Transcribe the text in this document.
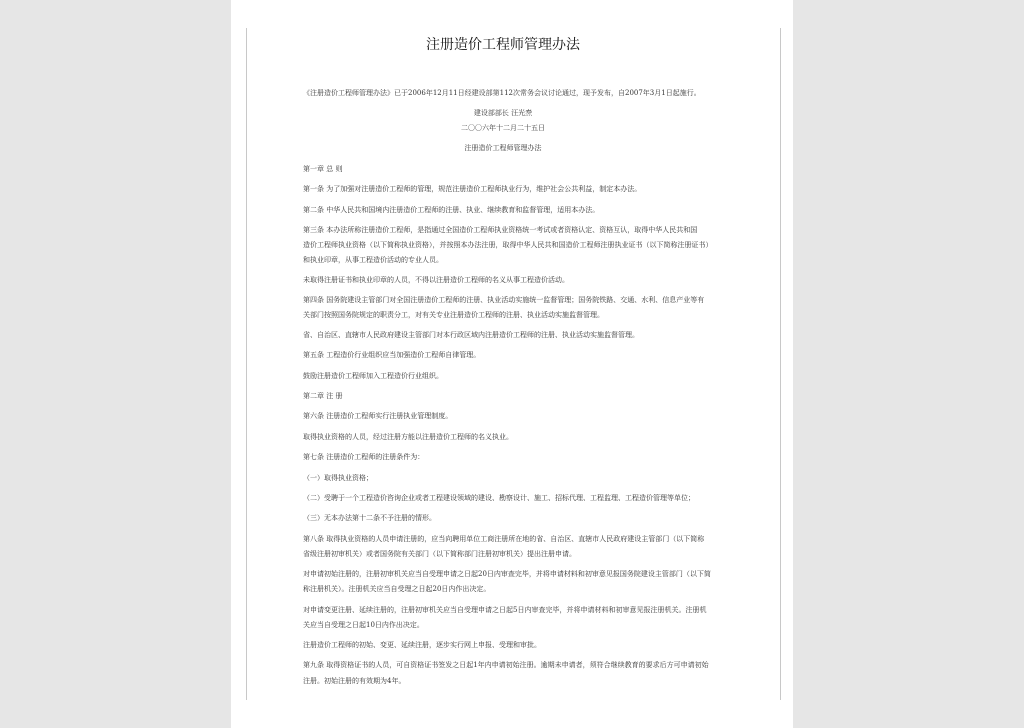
注册造价工程师管理办法
《注册造价工程师管理办法》已于2006年12月11日经建设部第112次常务会议讨论通过，现予发布，自2007年3月1日起施行。
建设部部长 汪光焘
二〇〇六年十二月二十五日
注册造价工程师管理办法
第一章 总 则
第一条 为了加强对注册造价工程师的管理，规范注册造价工程师执业行为，维护社会公共利益，制定本办法。
第二条 中华人民共和国境内注册造价工程师的注册、执业、继续教育和监督管理，适用本办法。
第三条 本办法所称注册造价工程师，是指通过全国造价工程师执业资格统一考试或者资格认定、资格互认，取得中华人民共和国
造价工程师执业资格（以下简称执业资格），并按照本办法注册，取得中华人民共和国造价工程师注册执业证书（以下简称注册证书）
和执业印章，从事工程造价活动的专业人员。
未取得注册证书和执业印章的人员，不得以注册造价工程师的名义从事工程造价活动。
第四条 国务院建设主管部门对全国注册造价工程师的注册、执业活动实施统一监督管理；国务院铁路、交通、水利、信息产业等有
关部门按照国务院规定的职责分工，对有关专业注册造价工程师的注册、执业活动实施监督管理。
省、自治区、直辖市人民政府建设主管部门对本行政区域内注册造价工程师的注册、执业活动实施监督管理。
第五条 工程造价行业组织应当加强造价工程师自律管理。
鼓励注册造价工程师加入工程造价行业组织。
第二章 注 册
第六条 注册造价工程师实行注册执业管理制度。
取得执业资格的人员，经过注册方能以注册造价工程师的名义执业。
第七条 注册造价工程师的注册条件为：
（一）取得执业资格；
（二）受聘于一个工程造价咨询企业或者工程建设领域的建设、勘察设计、施工、招标代理、工程监理、工程造价管理等单位；
（三）无本办法第十二条不予注册的情形。
第八条 取得执业资格的人员申请注册的，应当向聘用单位工商注册所在地的省、自治区、直辖市人民政府建设主管部门（以下简称
省级注册初审机关）或者国务院有关部门（以下简称部门注册初审机关）提出注册申请。
对申请初始注册的，注册初审机关应当自受理申请之日起20日内审查完毕，并将申请材料和初审意见报国务院建设主管部门（以下简
称注册机关）。注册机关应当自受理之日起20日内作出决定。
对申请变更注册、延续注册的，注册初审机关应当自受理申请之日起5日内审查完毕，并将申请材料和初审意见报注册机关。注册机
关应当自受理之日起10日内作出决定。
注册造价工程师的初始、变更、延续注册，逐步实行网上申报、受理和审批。
第九条 取得资格证书的人员，可自资格证书签发之日起1年内申请初始注册。逾期未申请者，须符合继续教育的要求后方可申请初始
注册。初始注册的有效期为4年。
